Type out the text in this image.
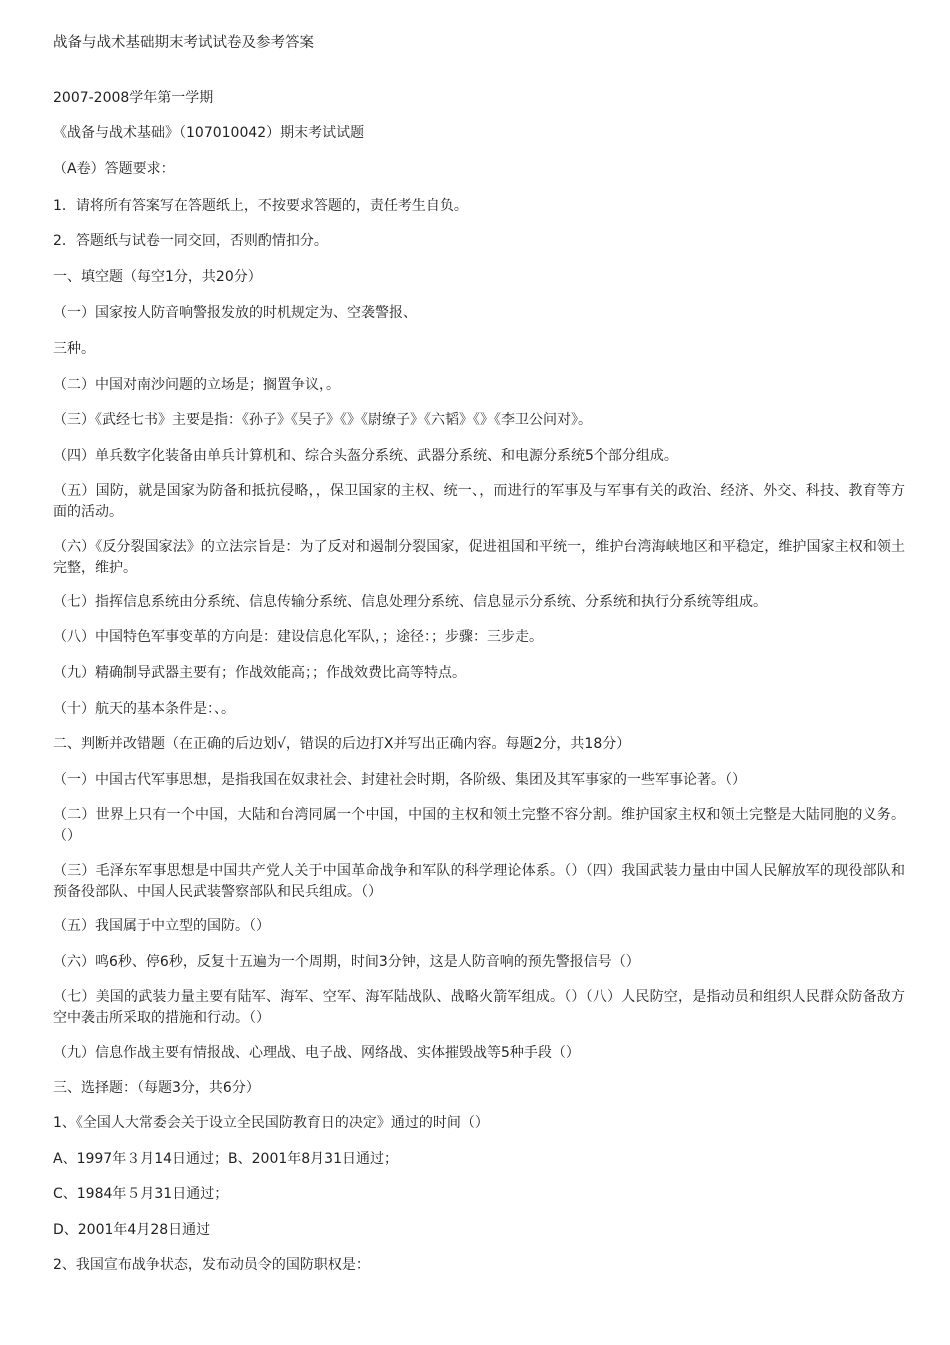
战备与战术基础期末考试试卷及参考答案
2007-2008学年第一学期
《战备与战术基础》（107010042）期末考试试题
（A卷）答题要求：
1．请将所有答案写在答题纸上，不按要求答题的，责任考生自负。
2．答题纸与试卷一同交回，否则酌情扣分。
一、填空题（每空1分，共20分）
（一）国家按人防音响警报发放的时机规定为、空袭警报、
三种。
（二）中国对南沙问题的立场是；搁置争议，。
（三）《武经七书》主要是指：《孙子》《吴子》《》《尉缭子》《六韬》《》《李卫公问对》。
（四）单兵数字化装备由单兵计算机和、综合头盔分系统、武器分系统、和电源分系统5个部分组成。
（五）国防，就是国家为防备和抵抗侵略，，保卫国家的主权、统一、，而进行的军事及与军事有关的政治、经济、外交、科技、教育等方面的活动。
（六）《反分裂国家法》的立法宗旨是：为了反对和遏制分裂国家，促进祖国和平统一，维护台湾海峡地区和平稳定，维护国家主权和领土完整，维护。
（七）指挥信息系统由分系统、信息传输分系统、信息处理分系统、信息显示分系统、分系统和执行分系统等组成。
（八）中国特色军事变革的方向是：建设信息化军队，；途径：；步骤：三步走。
（九）精确制导武器主要有；作战效能高；；作战效费比高等特点。
（十）航天的基本条件是：、。
二、判断并改错题（在正确的后边划√，错误的后边打X并写出正确内容。每题2分，共18分）
（一）中国古代军事思想，是指我国在奴隶社会、封建社会时期，各阶级、集团及其军事家的一些军事论著。（）
（二）世界上只有一个中国，大陆和台湾同属一个中国，中国的主权和领土完整不容分割。维护国家主权和领土完整是大陆同胞的义务。（）
（三）毛泽东军事思想是中国共产党人关于中国革命战争和军队的科学理论体系。（）（四）我国武装力量由中国人民解放军的现役部队和预备役部队、中国人民武装警察部队和民兵组成。（）
（五）我国属于中立型的国防。（）
（六）鸣6秒、停6秒，反复十五遍为一个周期，时间3分钟，这是人防音响的预先警报信号（）
（七）美国的武装力量主要有陆军、海军、空军、海军陆战队、战略火箭军组成。（）（八）人民防空，是指动员和组织人民群众防备敌方空中袭击所采取的措施和行动。（）
（九）信息作战主要有情报战、心理战、电子战、网络战、实体摧毁战等5种手段（）
三、选择题：（每题3分，共6分）
1、《全国人大常委会关于设立全民国防教育日的决定》通过的时间（）
A、1997年３月14日通过；B、2001年8月31日通过；
C、1984年５月31日通过；
D、2001年4月28日通过
2、我国宣布战争状态，发布动员令的国防职权是：
